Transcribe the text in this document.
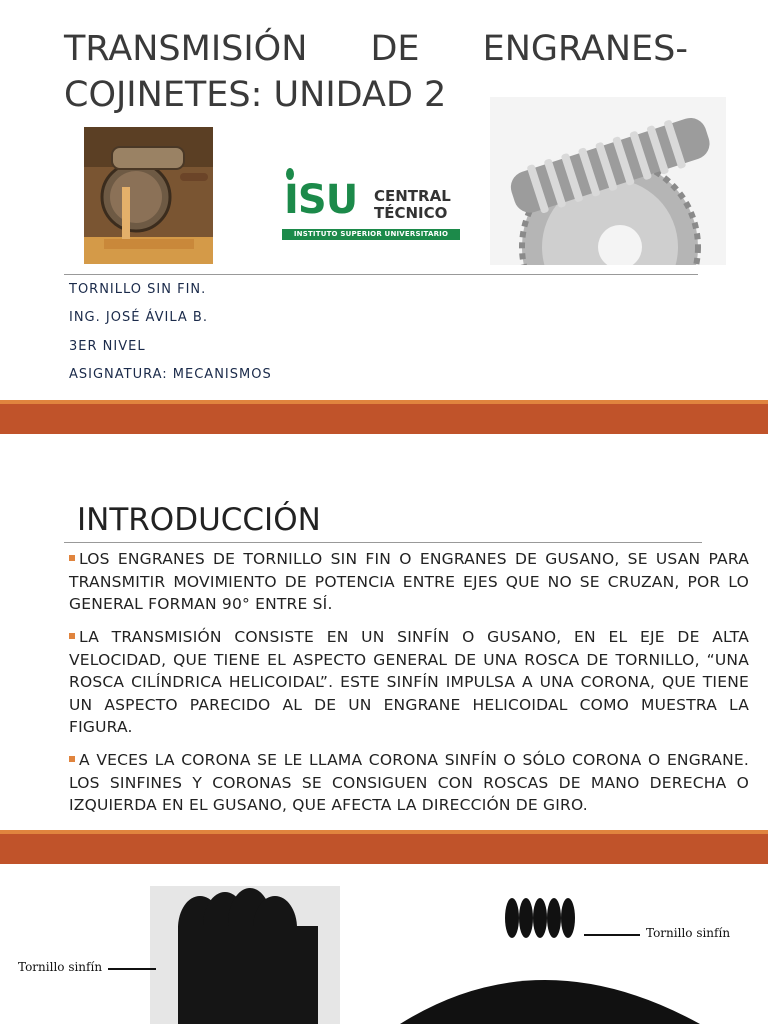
TRANSMISIÓN DE ENGRANES-COJINETES: UNIDAD 2
ISU CENTRAL
TÉCNICO
INSTITUTO SUPERIOR UNIVERSITARIO
TORNILLO SIN FIN.
ING. JOSÉ ÁVILA B.
3ER NIVEL
ASIGNATURA: MECANISMOS
INTRODUCCIÓN

LOS ENGRANES DE TORNILLO SIN FIN O ENGRANES DE GUSANO, SE USAN PARA TRANSMITIR MOVIMIENTO DE POTENCIA ENTRE EJES QUE NO SE CRUZAN, POR LO GENERAL FORMAN 90° ENTRE SÍ.

LA TRANSMISIÓN CONSISTE EN UN SINFÍN O GUSANO, EN EL EJE DE ALTA VELOCIDAD, QUE TIENE EL ASPECTO GENERAL DE UNA ROSCA DE TORNILLO, “UNA ROSCA CILÍNDRICA HELICOIDAL”. ESTE SINFÍN IMPULSA A UNA CORONA, QUE TIENE UN ASPECTO PARECIDO AL DE UN ENGRANE HELICOIDAL COMO MUESTRA LA FIGURA.

A VECES LA CORONA SE LE LLAMA CORONA SINFÍN O SÓLO CORONA O ENGRANE. LOS SINFINES Y CORONAS SE CONSIGUEN CON ROSCAS DE MANO DERECHA O IZQUIERDA EN EL GUSANO, QUE AFECTA LA DIRECCIÓN DE GIRO.

Tornillo sinfín
Tornillo sinfín
